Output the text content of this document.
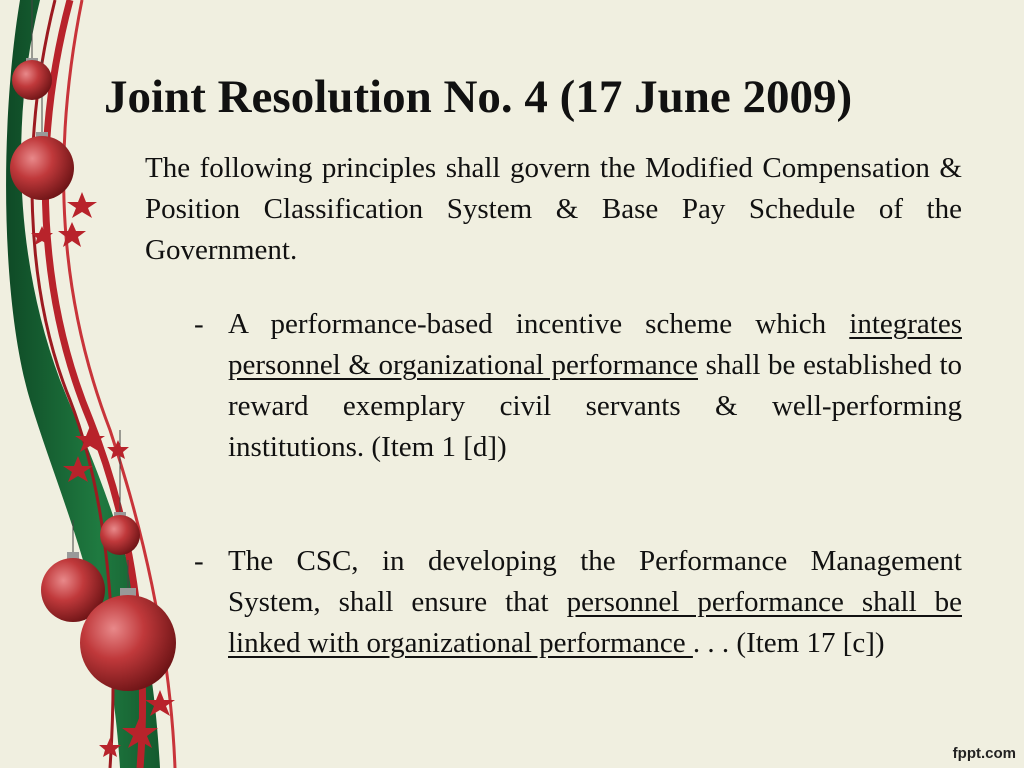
Joint Resolution No. 4 (17 June 2009)
The following principles shall govern the Modified Compensation & Position Classification System & Base Pay Schedule of the Government.
- A performance-based incentive scheme which integrates personnel & organizational performance shall be established to reward exemplary civil servants & well-performing institutions. (Item 1 [d])
- The CSC, in developing the Performance Management System, shall ensure that personnel performance shall be linked with organizational performance . . . (Item 17 [c])
fppt.com
